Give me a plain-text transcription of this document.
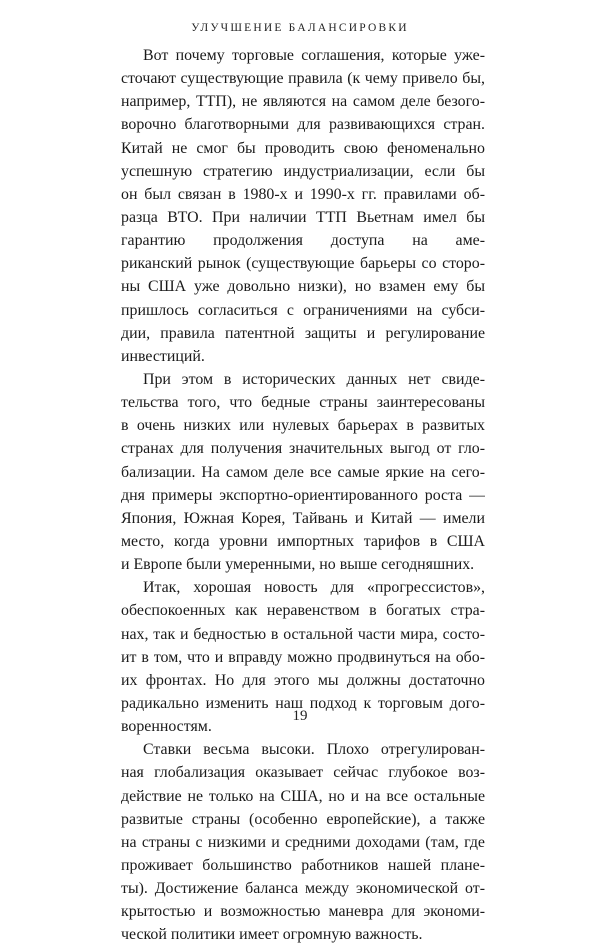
УЛУЧШЕНИЕ БАЛАНСИРОВКИ
Вот почему торговые соглашения, которые уже-
сточают существующие правила (к чему привело бы,
например, ТТП), не являются на самом деле безого-
ворочно благотворными для развивающихся стран.
Китай не смог бы проводить свою феноменально
успешную стратегию индустриализации, если бы
он был связан в 1980-х и 1990-х гг. правилами об-
разца ВТО. При наличии ТТП Вьетнам имел бы
гарантию продолжения доступа на аме-
риканский рынок (существующие барьеры со сторо-
ны США уже довольно низки), но взамен ему бы
пришлось согласиться с ограничениями на субси-
дии, правила патентной защиты и регулирование
инвестиций.
При этом в исторических данных нет свиде-
тельства того, что бедные страны заинтересованы
в очень низких или нулевых барьерах в развитых
странах для получения значительных выгод от гло-
бализации. На самом деле все самые яркие на сего-
дня примеры экспортно-ориентированного роста —
Япония, Южная Корея, Тайвань и Китай — имели
место, когда уровни импортных тарифов в США
и Европе были умеренными, но выше сегодняшних.
Итак, хорошая новость для «прогрессистов»,
обеспокоенных как неравенством в богатых стра-
нах, так и бедностью в остальной части мира, состо-
ит в том, что и вправду можно продвинуться на обо-
их фронтах. Но для этого мы должны достаточно
радикально изменить наш подход к торговым дого-
воренностям.
Ставки весьма высоки. Плохо отрегулирован-
ная глобализация оказывает сейчас глубокое воз-
действие не только на США, но и на все остальные
развитые страны (особенно европейские), а также
на страны с низкими и средними доходами (там, где
проживает большинство работников нашей плане-
ты). Достижение баланса между экономической от-
крытостью и возможностью маневра для экономи-
ческой политики имеет огромную важность.
19
